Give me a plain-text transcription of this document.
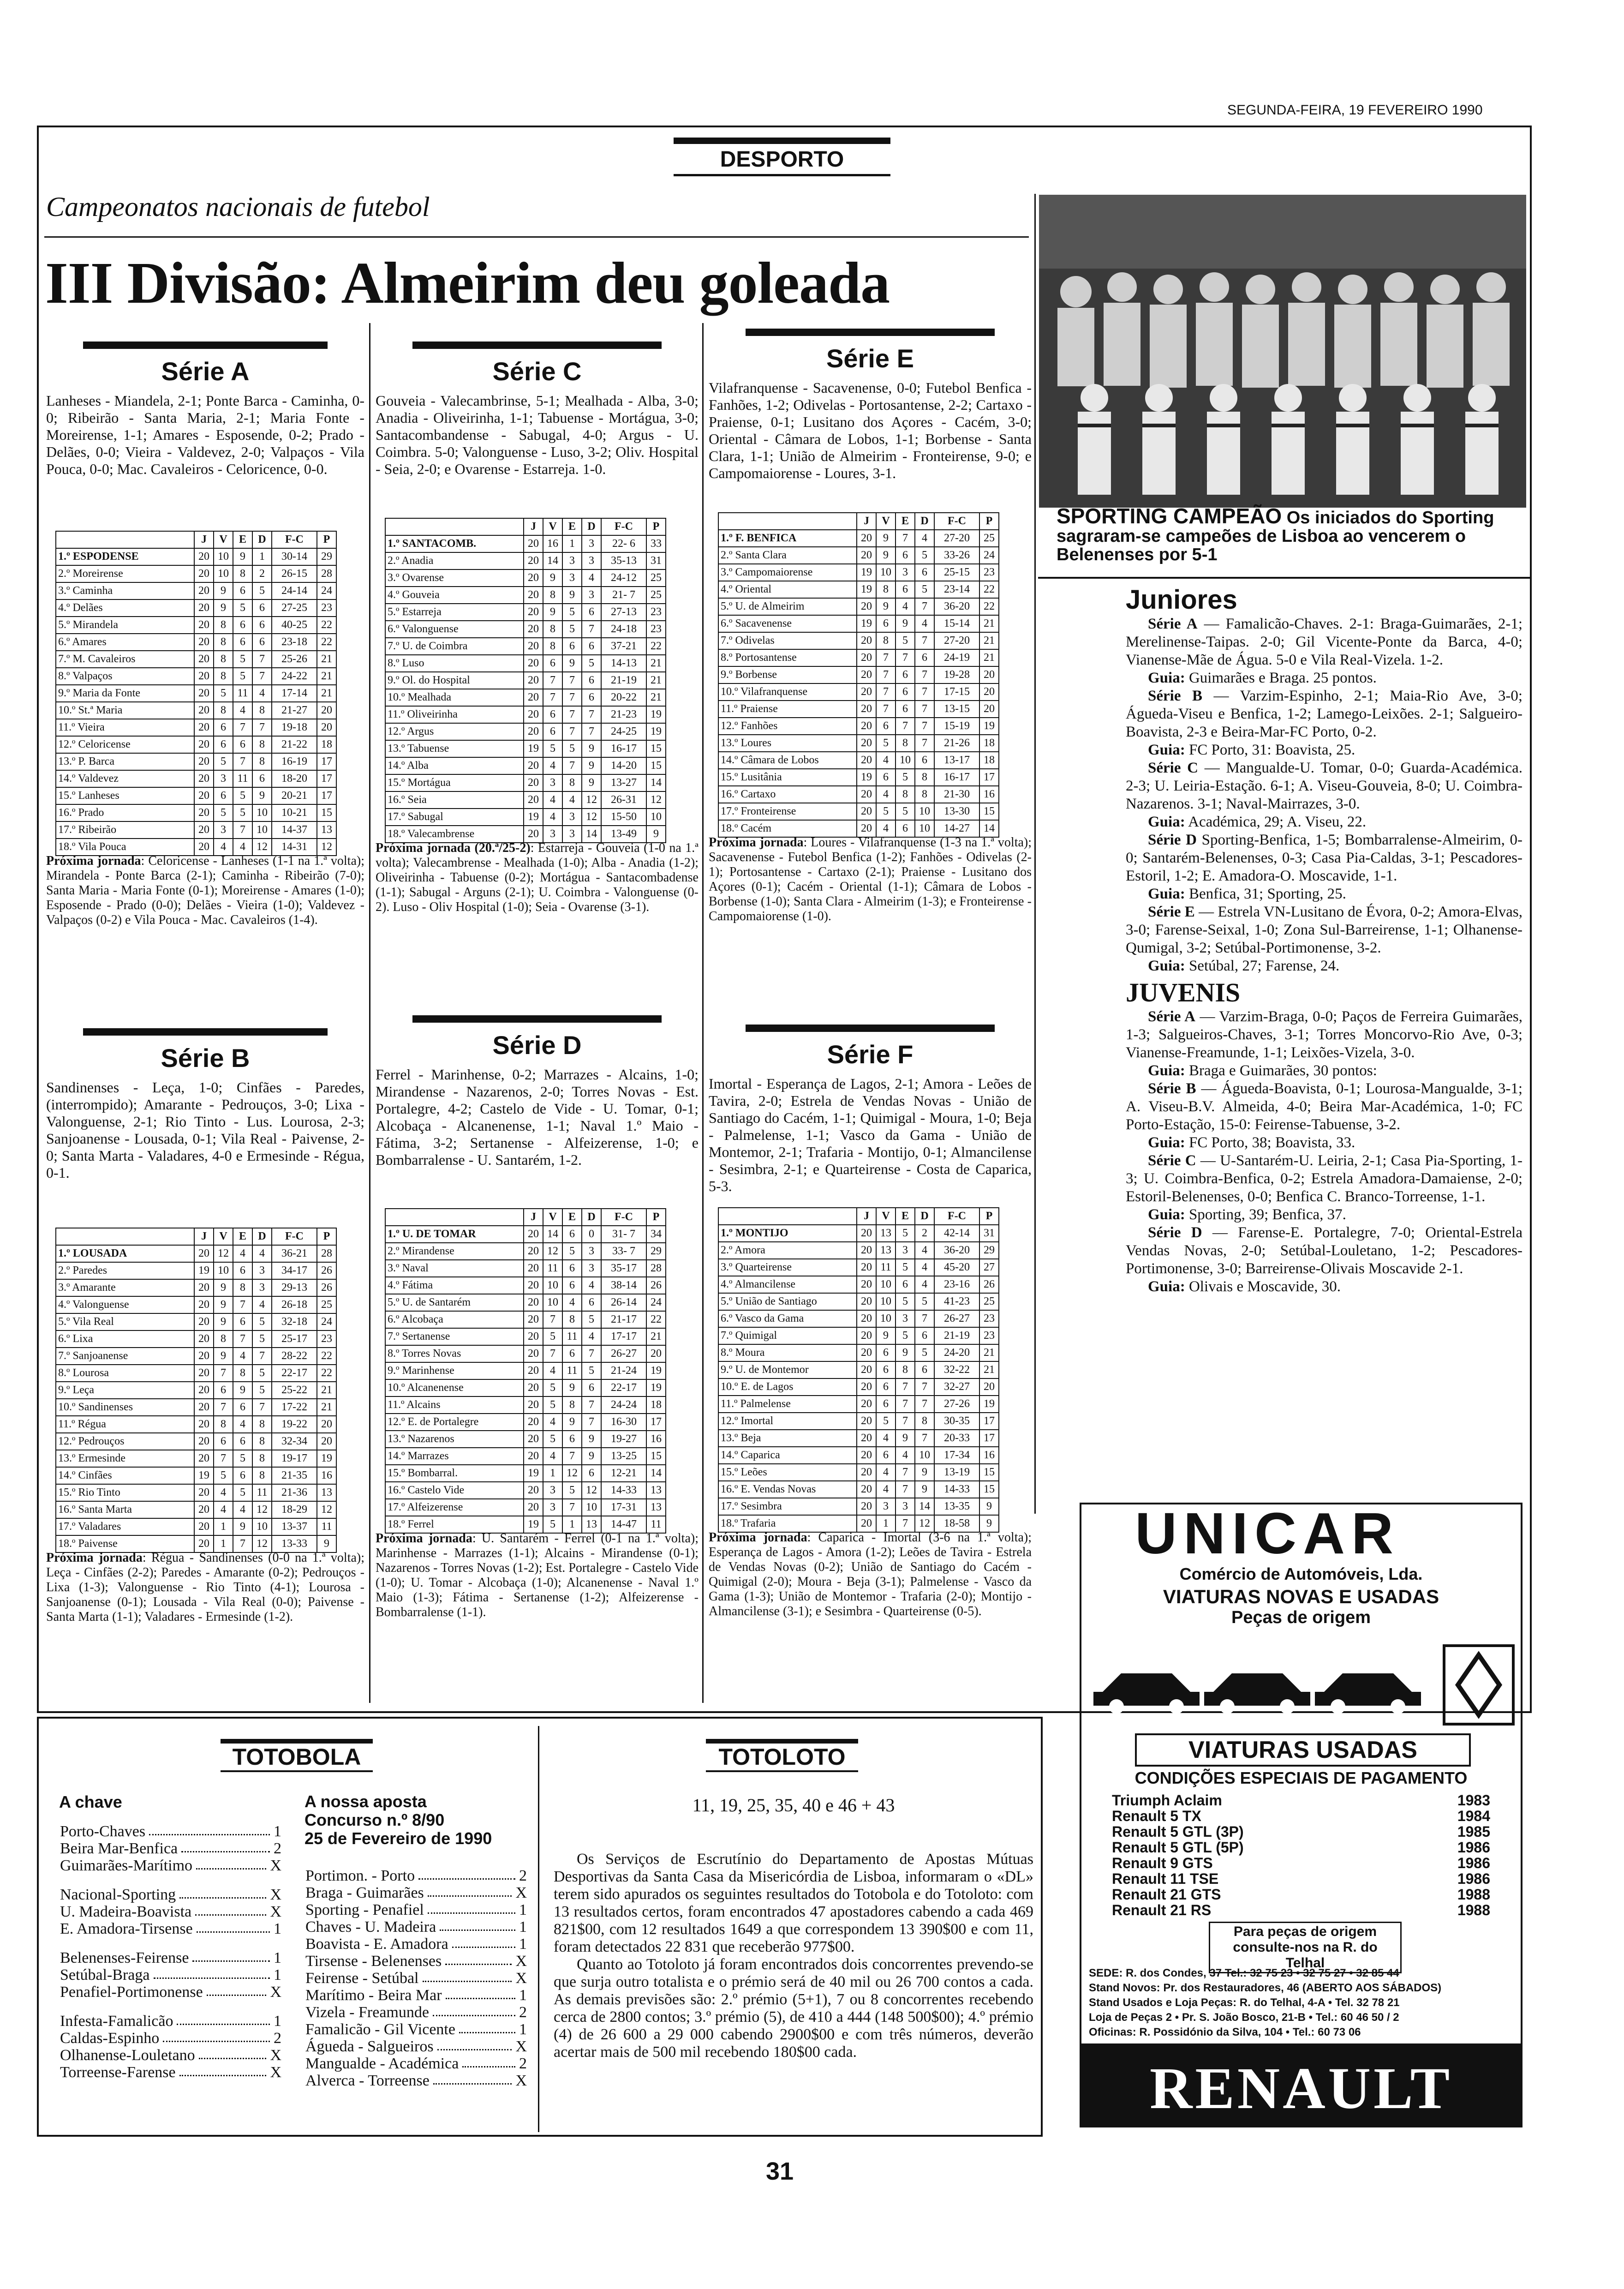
SEGUNDA-FEIRA, 19 FEVEREIRO 1990
DESPORTO
Campeonatos nacionais de futebol
III Divisão: Almeirim deu goleada
Série A
Lanheses - Miandela, 2-1; Ponte Barca - Caminha, 0-0; Ribeirão - Santa Maria, 2-1; Maria Fonte - Moreirense, 1-1; Amares - Esposende, 0-2; Prado - Delães, 0-0; Vieira - Valdevez, 2-0; Valpaços - Vila Pouca, 0-0; Mac. Cavaleiros - Celoricence, 0-0.
	J	V	E	D	F-C	P
1.º ESPODENSE	20	10	9	1	30-14	29
2.º Moreirense	20	10	8	2	26-15	28
3.º Caminha	20	9	6	5	24-14	24
4.º Delães	20	9	5	6	27-25	23
5.º Mirandela	20	8	6	6	40-25	22
6.º Amares	20	8	6	6	23-18	22
7.º M. Cavaleiros	20	8	5	7	25-26	21
8.º Valpaços	20	8	5	7	24-22	21
9.º Maria da Fonte	20	5	11	4	17-14	21
10.º St.ª Maria	20	8	4	8	21-27	20
11.º Vieira	20	6	7	7	19-18	20
12.º Celoricense	20	6	6	8	21-22	18
13.º P. Barca	20	5	7	8	16-19	17
14.º Valdevez	20	3	11	6	18-20	17
15.º Lanheses	20	6	5	9	20-21	17
16.º Prado	20	5	5	10	10-21	15
17.º Ribeirão	20	3	7	10	14-37	13
18.º Vila Pouca	20	4	4	12	14-31	12
Próxima jornada: Celoricense - Lanheses (1-1 na 1.ª volta); Mirandela - Ponte Barca (2-1); Caminha - Ribeirão (7-0); Santa Maria - Maria Fonte (0-1); Moreirense - Amares (1-0); Esposende - Prado (0-0); Delães - Vieira (1-0); Valdevez - Valpaços (0-2) e Vila Pouca - Mac. Cavaleiros (1-4).
Série B
Sandinenses - Leça, 1-0; Cinfães - Paredes, (interrompido); Amarante - Pedrouços, 3-0; Lixa - Valonguense, 2-1; Rio Tinto - Lus. Lourosa, 2-3; Sanjoanense - Lousada, 0-1; Vila Real - Paivense, 2-0; Santa Marta - Valadares, 4-0 e Ermesinde - Régua, 0-1.
	J	V	E	D	F-C	P
1.º LOUSADA	20	12	4	4	36-21	28
2.º Paredes	19	10	6	3	34-17	26
3.º Amarante	20	9	8	3	29-13	26
4.º Valonguense	20	9	7	4	26-18	25
5.º Vila Real	20	9	6	5	32-18	24
6.º Lixa	20	8	7	5	25-17	23
7.º Sanjoanense	20	9	4	7	28-22	22
8.º Lourosa	20	7	8	5	22-17	22
9.º Leça	20	6	9	5	25-22	21
10.º Sandinenses	20	7	6	7	17-22	21
11.º Régua	20	8	4	8	19-22	20
12.º Pedrouços	20	6	6	8	32-34	20
13.º Ermesinde	20	7	5	8	19-17	19
14.º Cinfães	19	5	6	8	21-35	16
15.º Rio Tinto	20	4	5	11	21-36	13
16.º Santa Marta	20	4	4	12	18-29	12
17.º Valadares	20	1	9	10	13-37	11
18.º Paivense	20	1	7	12	13-33	9
Próxima jornada: Régua - Sandinenses (0-0 na 1.ª volta); Leça - Cinfães (2-2); Paredes - Amarante (0-2); Pedrouços - Lixa (1-3); Valonguense - Rio Tinto (4-1); Lourosa - Sanjoanense (0-1); Lousada - Vila Real (0-0); Paivense - Santa Marta (1-1); Valadares - Ermesinde (1-2).
Série C
Gouveia - Valecambrinse, 5-1; Mealhada - Alba, 3-0; Anadia - Oliveirinha, 1-1; Tabuense - Mortágua, 3-0; Santacombandense - Sabugal, 4-0; Argus - U. Coimbra. 5-0; Valonguense - Luso, 3-2; Oliv. Hospital - Seia, 2-0; e Ovarense - Estarreja. 1-0.
	J	V	E	D	F-C	P
1.º SANTACOMB.	20	16	1	3	22- 6	33
2.º Anadia	20	14	3	3	35-13	31
3.º Ovarense	20	9	3	4	24-12	25
4.º Gouveia	20	8	9	3	21- 7	25
5.º Estarreja	20	9	5	6	27-13	23
6.º Valonguense	20	8	5	7	24-18	23
7.º U. de Coimbra	20	8	6	6	37-21	22
8.º Luso	20	6	9	5	14-13	21
9.º Ol. do Hospital	20	7	7	6	21-19	21
10.º Mealhada	20	7	7	6	20-22	21
11.º Oliveirinha	20	6	7	7	21-23	19
12.º Argus	20	6	7	7	24-25	19
13.º Tabuense	19	5	5	9	16-17	15
14.º Alba	20	4	7	9	14-20	15
15.º Mortágua	20	3	8	9	13-27	14
16.º Seia	20	4	4	12	26-31	12
17.º Sabugal	19	4	3	12	15-50	10
18.º Valecambrense	20	3	3	14	13-49	9
Próxima jornada (20.ª/25-2): Estarreja - Gouveia (1-0 na 1.ª volta); Valecambrense - Mealhada (1-0); Alba - Anadia (1-2); Oliveirinha - Tabuense (0-2); Mortágua - Santacombadense (1-1); Sabugal - Arguns (2-1); U. Coimbra - Valonguense (0-2). Luso - Oliv Hospital (1-0); Seia - Ovarense (3-1).
Série D
Ferrel - Marinhense, 0-2; Marrazes - Alcains, 1-0; Mirandense - Nazarenos, 2-0; Torres Novas - Est. Portalegre, 4-2; Castelo de Vide - U. Tomar, 0-1; Alcobaça - Alcanenense, 1-1; Naval 1.º Maio - Fátima, 3-2; Sertanense - Alfeizerense, 1-0; e Bombarralense - U. Santarém, 1-2.
	J	V	E	D	F-C	P
1.º U. DE TOMAR	20	14	6	0	31- 7	34
2.º Mirandense	20	12	5	3	33- 7	29
3.º Naval	20	11	6	3	35-17	28
4.º Fátima	20	10	6	4	38-14	26
5.º U. de Santarém	20	10	4	6	26-14	24
6.º Alcobaça	20	7	8	5	21-17	22
7.º Sertanense	20	5	11	4	17-17	21
8.º Torres Novas	20	7	6	7	26-27	20
9.º Marinhense	20	4	11	5	21-24	19
10.º Alcanenense	20	5	9	6	22-17	19
11.º Alcains	20	5	8	7	24-24	18
12.º E. de Portalegre	20	4	9	7	16-30	17
13.º Nazarenos	20	5	6	9	19-27	16
14.º Marrazes	20	4	7	9	13-25	15
15.º Bombarral.	19	1	12	6	12-21	14
16.º Castelo Vide	20	3	5	12	14-33	13
17.º Alfeizerense	20	3	7	10	17-31	13
18.º Ferrel	19	5	1	13	14-47	11
Próxima jornada: U. Santarém - Ferrel (0-1 na 1.ª volta); Marinhense - Marrazes (1-1); Alcains - Mirandense (0-1); Nazarenos - Torres Novas (1-2); Est. Portalegre - Castelo Vide (1-0); U. Tomar - Alcobaça (1-0); Alcanenense - Naval 1.º Maio (1-3); Fátima - Sertanense (1-2); Alfeizerense - Bombarralense (1-1).
Série E
Vilafranquense - Sacavenense, 0-0; Futebol Benfica - Fanhões, 1-2; Odivelas - Portosantense, 2-2; Cartaxo - Praiense, 0-1; Lusitano dos Açores - Cacém, 3-0; Oriental - Câmara de Lobos, 1-1; Borbense - Santa Clara, 1-1; União de Almeirim - Fronteirense, 9-0; e Campomaiorense - Loures, 3-1.
	J	V	E	D	F-C	P
1.º F. BENFICA	20	9	7	4	27-20	25
2.º Santa Clara	20	9	6	5	33-26	24
3.º Campomaiorense	19	10	3	6	25-15	23
4.º Oriental	19	8	6	5	23-14	22
5.º U. de Almeirim	20	9	4	7	36-20	22
6.º Sacavenense	19	6	9	4	15-14	21
7.º Odivelas	20	8	5	7	27-20	21
8.º Portosantense	20	7	7	6	24-19	21
9.º Borbense	20	7	6	7	19-28	20
10.º Vilafranquense	20	7	6	7	17-15	20
11.º Praiense	20	7	6	7	13-15	20
12.º Fanhões	20	6	7	7	15-19	19
13.º Loures	20	5	8	7	21-26	18
14.º Câmara de Lobos	20	4	10	6	13-17	18
15.º Lusitânia	19	6	5	8	16-17	17
16.º Cartaxo	20	4	8	8	21-30	16
17.º Fronteirense	20	5	5	10	13-30	15
18.º Cacém	20	4	6	10	14-27	14
Próxima jornada: Loures - Vilafranquense (1-3 na 1.ª volta); Sacavenense - Futebol Benfica (1-2); Fanhões - Odivelas (2-1); Portosantense - Cartaxo (2-1); Praiense - Lusitano dos Açores (0-1); Cacém - Oriental (1-1); Câmara de Lobos - Borbense (1-0); Santa Clara - Almeirim (1-3); e Fronteirense - Campomaiorense (1-0).
Série F
Imortal - Esperança de Lagos, 2-1; Amora - Leões de Tavira, 2-0; Estrela de Vendas Novas - União de Santiago do Cacém, 1-1; Quimigal - Moura, 1-0; Beja - Palmelense, 1-1; Vasco da Gama - União de Montemor, 2-1; Trafaria - Montijo, 0-1; Almancilense - Sesimbra, 2-1; e Quarteirense - Costa de Caparica, 5-3.
	J	V	E	D	F-C	P
1.º MONTIJO	20	13	5	2	42-14	31
2.º Amora	20	13	3	4	36-20	29
3.º Quarteirense	20	11	5	4	45-20	27
4.º Almancilense	20	10	6	4	23-16	26
5.º União de Santiago	20	10	5	5	41-23	25
6.º Vasco da Gama	20	10	3	7	26-27	23
7.º Quimigal	20	9	5	6	21-19	23
8.º Moura	20	6	9	5	24-20	21
9.º U. de Montemor	20	6	8	6	32-22	21
10.º E. de Lagos	20	6	7	7	32-27	20
11.º Palmelense	20	6	7	7	27-26	19
12.º Imortal	20	5	7	8	30-35	17
13.º Beja	20	4	9	7	20-33	17
14.º Caparica	20	6	4	10	17-34	16
15.º Leões	20	4	7	9	13-19	15
16.º E. Vendas Novas	20	4	7	9	14-33	15
17.º Sesimbra	20	3	3	14	13-35	9
18.º Trafaria	20	1	7	12	18-58	9
Próxima jornada: Caparica - Imortal (3-6 na 1.ª volta); Esperança de Lagos - Amora (1-2); Leões de Tavira - Estrela de Vendas Novas (0-2); União de Santiago do Cacém - Quimigal (2-0); Moura - Beja (3-1); Palmelense - Vasco da Gama (1-3); União de Montemor - Trafaria (2-0); Montijo - Almancilense (3-1); e Sesimbra - Quarteirense (0-5).
SPORTING CAMPEÃO Os iniciados do Sporting sagraram-se campeões de Lisboa ao vencerem o Belenenses por 5-1
Juniores
Série A — Famalicão-Chaves. 2-1: Braga-Guimarães, 2-1; Merelinense-Taipas. 2-0; Gil Vicente-Ponte da Barca, 4-0; Vianense-Mãe de Água. 5-0 e Vila Real-Vizela. 1-2.
Guia: Guimarães e Braga. 25 pontos.
Série B — Varzim-Espinho, 2-1; Maia-Rio Ave, 3-0; Águeda-Viseu e Benfica, 1-2; Lamego-Leixões. 2-1; Salgueiro-Boavista, 2-3 e Beira-Mar-FC Porto, 0-2.
Guia: FC Porto, 31: Boavista, 25.
Série C — Mangualde-U. Tomar, 0-0; Guarda-Académica. 2-3; U. Leiria-Estação. 6-1; A. Viseu-Gouveia, 8-0; U. Coimbra-Nazarenos. 3-1; Naval-Mairrazes, 3-0.
Guia: Académica, 29; A. Viseu, 22.
Série D Sporting-Benfica, 1-5; Bombarralense-Almeirim, 0-0; Santarém-Belenenses, 0-3; Casa Pia-Caldas, 3-1; Pescadores-Estoril, 1-2; E. Amadora-O. Moscavide, 1-1.
Guia: Benfica, 31; Sporting, 25.
Série E — Estrela VN-Lusitano de Évora, 0-2; Amora-Elvas, 3-0; Farense-Seixal, 1-0; Zona Sul-Barreirense, 1-1; Olhanense-Qumigal, 3-2; Setúbal-Portimonense, 3-2.
Guia: Setúbal, 27; Farense, 24.
JUVENIS
Série A — Varzim-Braga, 0-0; Paços de Ferreira Guimarães, 1-3; Salgueiros-Chaves, 3-1; Torres Moncorvo-Rio Ave, 0-3; Vianense-Freamunde, 1-1; Leixões-Vizela, 3-0.
Guia: Braga e Guimarães, 30 pontos:
Série B — Águeda-Boavista, 0-1; Lourosa-Mangualde, 3-1; A. Viseu-B.V. Almeida, 4-0; Beira Mar-Académica, 1-0; FC Porto-Estação, 15-0: Feirense-Tabuense, 3-2.
Guia: FC Porto, 38; Boavista, 33.
Série C — U-Santarém-U. Leiria, 2-1; Casa Pia-Sporting, 1-3; U. Coimbra-Benfica, 0-2; Estrela Amadora-Damaiense, 2-0; Estoril-Belenenses, 0-0; Benfica C. Branco-Torreense, 1-1.
Guia: Sporting, 39; Benfica, 37.
Série D — Farense-E. Portalegre, 7-0; Oriental-Estrela Vendas Novas, 2-0; Setúbal-Louletano, 1-2; Pescadores-Portimonense, 3-0; Barreirense-Olivais Moscavide 2-1.
Guia: Olivais e Moscavide, 30.
TOTOBOLA
A chave
Porto-Chaves	1
Beira Mar-Benfica	2
Guimarães-Marítimo	X
Nacional-Sporting	X
U. Madeira-Boavista	X
E. Amadora-Tirsense	1
Belenenses-Feirense	1
Setúbal-Braga	1
Penafiel-Portimonense	X
Infesta-Famalicão	1
Caldas-Espinho	2
Olhanense-Louletano	X
Torreense-Farense	X
A nossa aposta
Concurso n.º 8/90
25 de Fevereiro de 1990
Portimon. - Porto	2
Braga - Guimarães	X
Sporting - Penafiel	1
Chaves - U. Madeira	1
Boavista - E. Amadora	1
Tirsense - Belenenses	X
Feirense - Setúbal	X
Marítimo - Beira Mar	1
Vizela - Freamunde	2
Famalicão - Gil Vicente	1
Águeda - Salgueiros	X
Mangualde - Académica	2
Alverca - Torreense	X
TOTOLOTO
11, 19, 25, 35, 40 e 46 + 43
Os Serviços de Escrutínio do Departamento de Apostas Mútuas Desportivas da Santa Casa da Misericórdia de Lisboa, informaram o «DL» terem sido apurados os seguintes resultados do Totobola e do Totoloto: com 13 resultados certos, foram encontrados 47 apostadores cabendo a cada 469 821$00, com 12 resultados 1649 a que correspondem 13 390$00 e com 11, foram detectados 22 831 que receberão 977$00.
Quanto ao Totoloto já foram encontrados dois concorrentes prevendo-se que surja outro totalista e o prémio será de 40 mil ou 26 700 contos a cada. As demais previsões são: 2.º prémio (5+1), 7 ou 8 concorrentes recebendo cerca de 2800 contos; 3.º prémio (5), de 410 a 444 (148 500$00); 4.º prémio (4) de 26 600 a 29 000 cabendo 2900$00 e com três números, deverão acertar mais de 500 mil recebendo 180$00 cada.
UNICAR
Comércio de Automóveis, Lda.
VIATURAS NOVAS E USADAS
Peças de origem
VIATURAS USADAS
CONDIÇÕES ESPECIAIS DE PAGAMENTO
Triumph Aclaim	1983
Renault 5 TX	1984
Renault 5 GTL (3P)	1985
Renault 5 GTL (5P)	1986
Renault 9 GTS	1986
Renault 11 TSE	1986
Renault 21 GTS	1988
Renault 21 RS	1988
Para peças de origem consulte-nos na R. do Telhal
SEDE: R. dos Condes, 37 Tel.: 32 75 23 • 32 75 27 • 32 85 44
Stand Novos: Pr. dos Restauradores, 46 (ABERTO AOS SÁBADOS)
Stand Usados e Loja Peças: R. do Telhal, 4-A • Tel. 32 78 21
Loja de Peças 2 • Pr. S. João Bosco, 21-B • Tel.: 60 46 50 / 2
Oficinas: R. Possidónio da Silva, 104 • Tel.: 60 73 06
RENAULT
31
